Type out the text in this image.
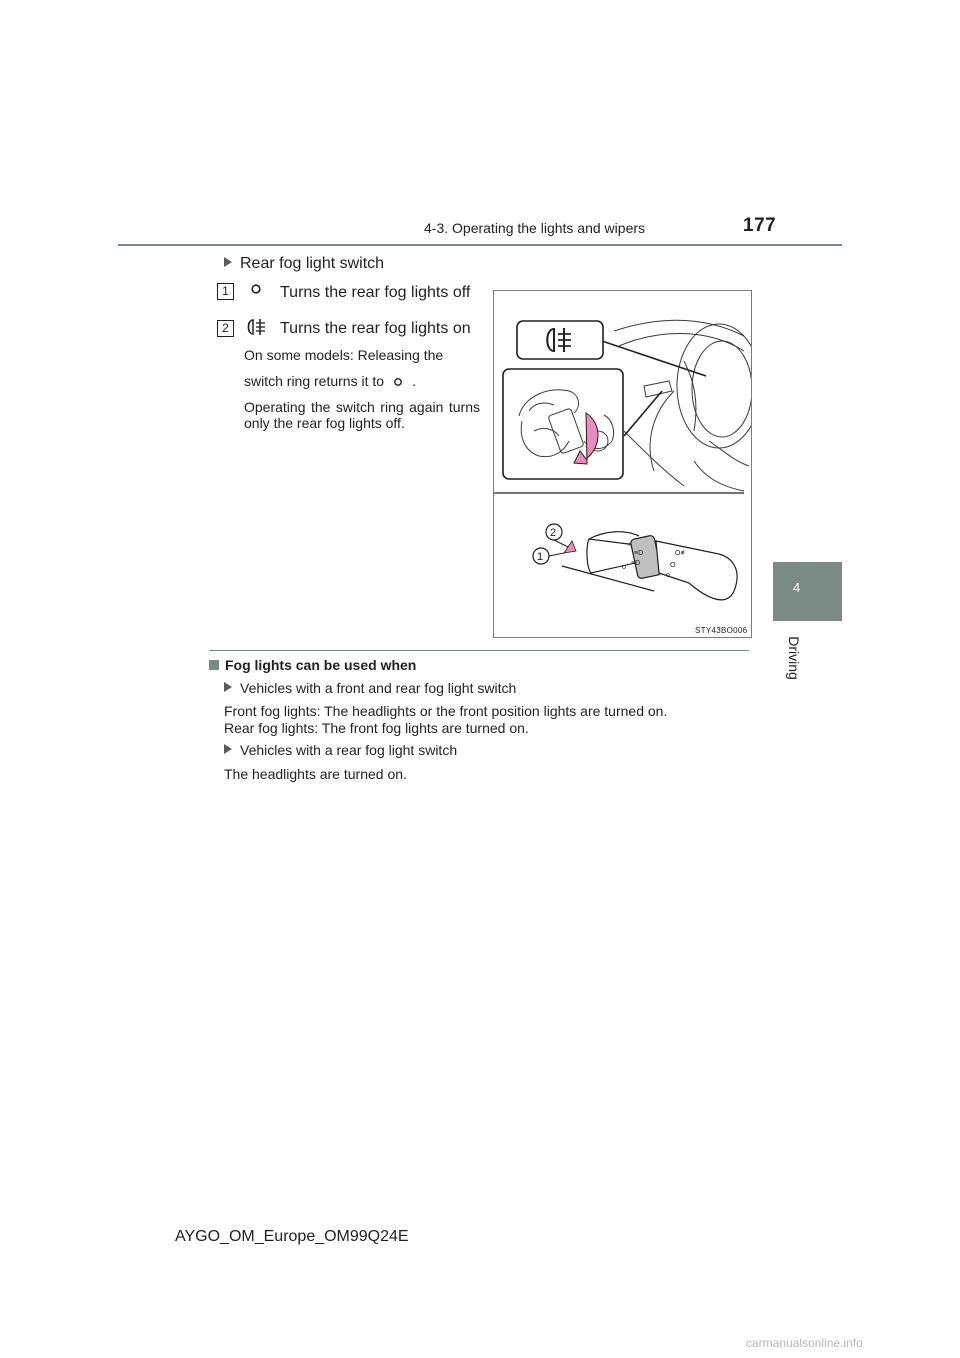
4-3. Operating the lights and wipers	177
4
Driving
Rear fog light switch
1	Turns the rear fog lights off
2	Turns the rear fog lights on
On some models: Releasing the
switch ring returns it to .
Operating the switch ring again turns only the rear fog lights off.
☼
≡D
≡D
O≢
O
o
o
2
1
STY43BO006
Fog lights can be used when
Vehicles with a front and rear fog light switch
Front fog lights: The headlights or the front position lights are turned on.
Rear fog lights: The front fog lights are turned on.
Vehicles with a rear fog light switch
The headlights are turned on.
AYGO_OM_Europe_OM99Q24E
carmanualsonline.info
